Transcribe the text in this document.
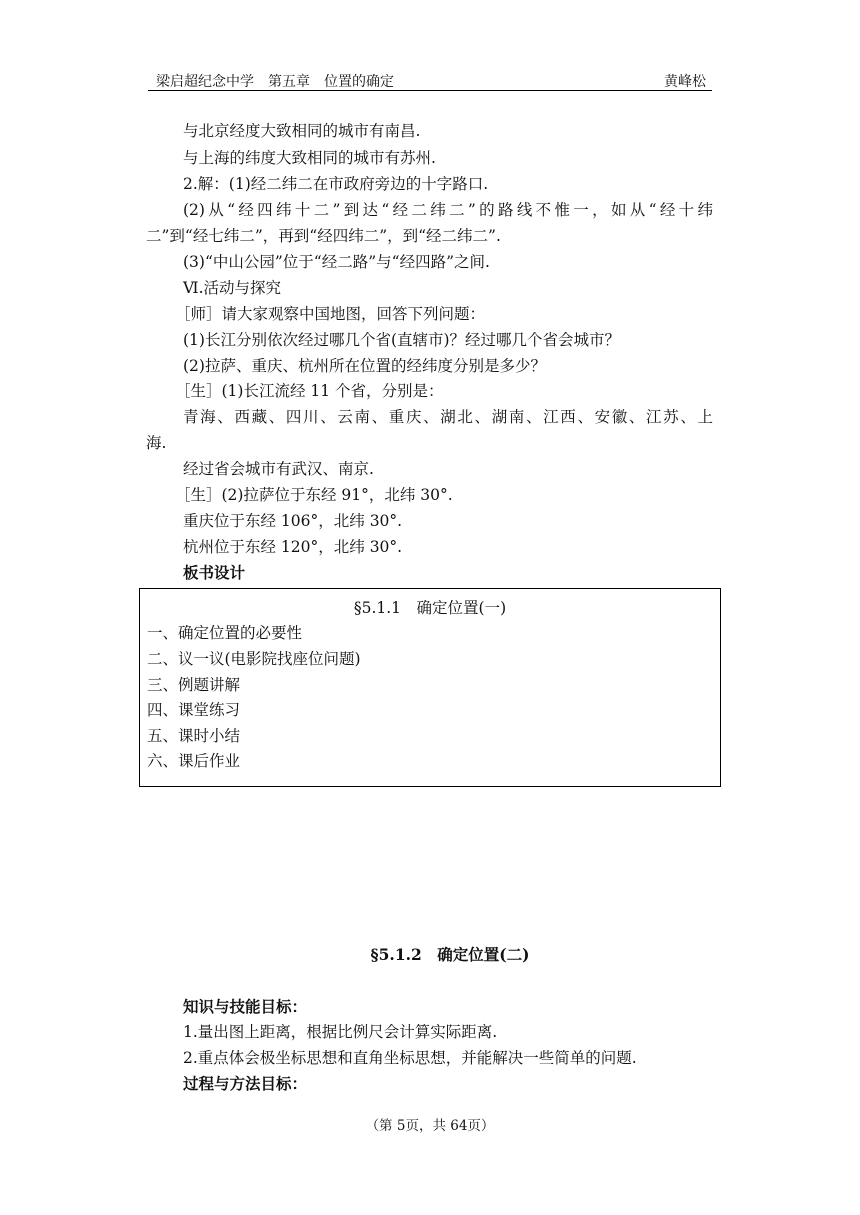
梁启超纪念中学　第五章　位置的确定	黄峰松
与北京经度大致相同的城市有南昌.
与上海的纬度大致相同的城市有苏州.
2.解：(1)经二纬二在市政府旁边的十字路口.
(2)从“经四纬十二”到达“经二纬二”的路线不惟一，如从“经十纬
二”到“经七纬二”，再到“经四纬二”，到“经二纬二”.
(3)“中山公园”位于“经二路”与“经四路”之间.
Ⅵ.活动与探究
［师］请大家观察中国地图，回答下列问题：
(1)长江分别依次经过哪几个省(直辖市)？经过哪几个省会城市？
(2)拉萨、重庆、杭州所在位置的经纬度分别是多少？
［生］(1)长江流经 11 个省，分别是：
青海、西藏、四川、云南、重庆、湖北、湖南、江西、安徽、江苏、上
海.
经过省会城市有武汉、南京.
［生］(2)拉萨位于东经 91°，北纬 30°.
重庆位于东经 106°，北纬 30°.
杭州位于东经 120°，北纬 30°.
板书设计
§5.1.1　确定位置(一)
一、确定位置的必要性
二、议一议(电影院找座位问题)
三、例题讲解
四、课堂练习
五、课时小结
六、课后作业
§5.1.2　确定位置(二)
知识与技能目标：
1.量出图上距离，根据比例尺会计算实际距离.
2.重点体会极坐标思想和直角坐标思想，并能解决一些简单的问题.
过程与方法目标：
（第 5页，共 64页）
